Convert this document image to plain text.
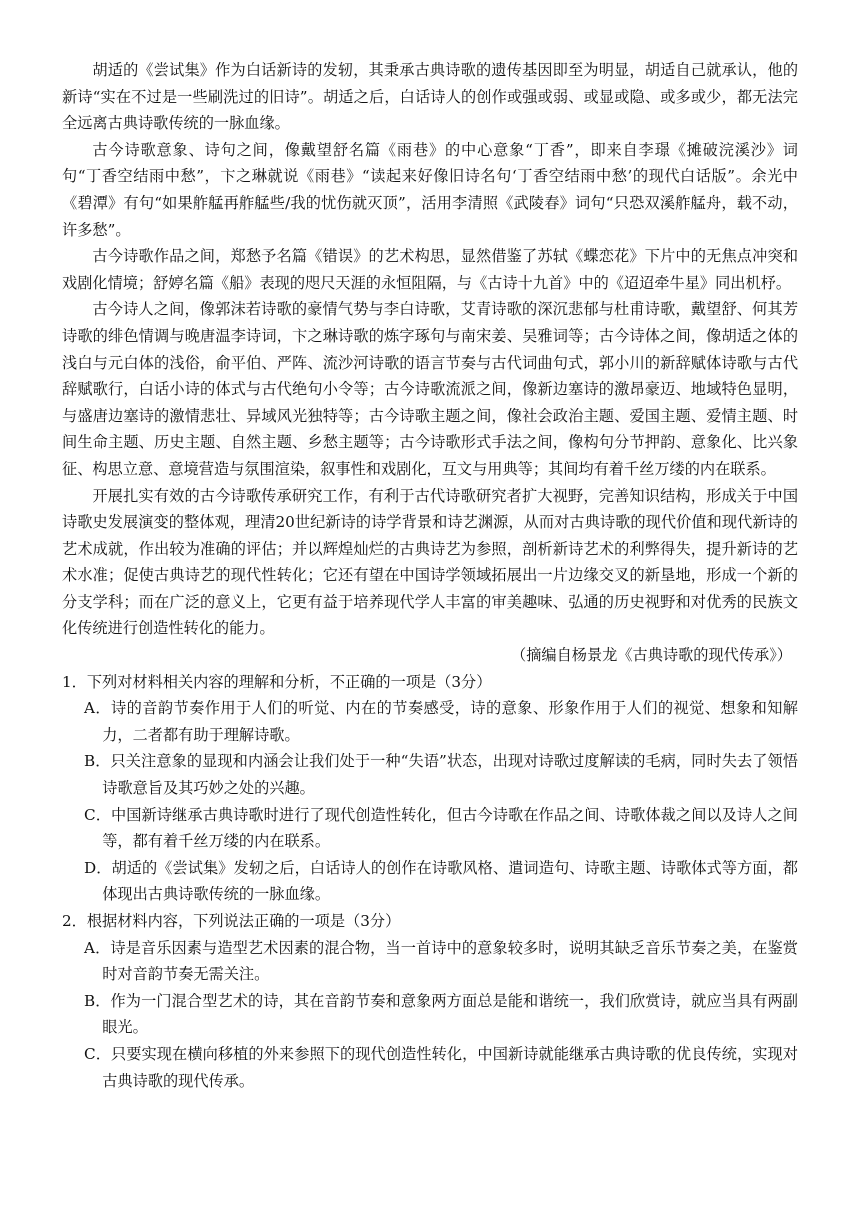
胡适的《尝试集》作为白话新诗的发轫，其秉承古典诗歌的遗传基因即至为明显，胡适自己就承认，他的新诗“实在不过是一些刷洗过的旧诗”。胡适之后，白话诗人的创作或强或弱、或显或隐、或多或少，都无法完全远离古典诗歌传统的一脉血缘。

古今诗歌意象、诗句之间，像戴望舒名篇《雨巷》的中心意象“丁香”，即来自李璟《摊破浣溪沙》词句“丁香空结雨中愁”，卞之琳就说《雨巷》“读起来好像旧诗名句‘丁香空结雨中愁’的现代白话版”。余光中《碧潭》有句“如果舴艋再舴艋些/我的忧伤就灭顶”，活用李清照《武陵春》词句“只恐双溪舴艋舟，载不动，许多愁”。

古今诗歌作品之间，郑愁予名篇《错误》的艺术构思，显然借鉴了苏轼《蝶恋花》下片中的无焦点冲突和戏剧化情境；舒婷名篇《船》表现的咫尺天涯的永恒阻隔，与《古诗十九首》中的《迢迢牵牛星》同出机杼。

古今诗人之间，像郭沫若诗歌的豪情气势与李白诗歌，艾青诗歌的深沉悲郁与杜甫诗歌，戴望舒、何其芳诗歌的绯色情调与晚唐温李诗词，卞之琳诗歌的炼字琢句与南宋姜、吴雅词等；古今诗体之间，像胡适之体的浅白与元白体的浅俗，俞平伯、严阵、流沙河诗歌的语言节奏与古代词曲句式，郭小川的新辞赋体诗歌与古代辞赋歌行，白话小诗的体式与古代绝句小令等；古今诗歌流派之间，像新边塞诗的激昂豪迈、地域特色显明，与盛唐边塞诗的激情悲壮、异域风光独特等；古今诗歌主题之间，像社会政治主题、爱国主题、爱情主题、时间生命主题、历史主题、自然主题、乡愁主题等；古今诗歌形式手法之间，像构句分节押韵、意象化、比兴象征、构思立意、意境营造与氛围渲染，叙事性和戏剧化，互文与用典等；其间均有着千丝万缕的内在联系。

开展扎实有效的古今诗歌传承研究工作，有利于古代诗歌研究者扩大视野，完善知识结构，形成关于中国诗歌史发展演变的整体观，理清20世纪新诗的诗学背景和诗艺渊源，从而对古典诗歌的现代价值和现代新诗的艺术成就，作出较为准确的评估；并以辉煌灿烂的古典诗艺为参照，剖析新诗艺术的利弊得失，提升新诗的艺术水准；促使古典诗艺的现代性转化；它还有望在中国诗学领域拓展出一片边缘交叉的新垦地，形成一个新的分支学科；而在广泛的意义上，它更有益于培养现代学人丰富的审美趣味、弘通的历史视野和对优秀的民族文化传统进行创造性转化的能力。

（摘编自杨景龙《古典诗歌的现代传承》）

1．下列对材料相关内容的理解和分析，不正确的一项是（3分）

A．诗的音韵节奏作用于人们的听觉、内在的节奏感受，诗的意象、形象作用于人们的视觉、想象和知解力，二者都有助于理解诗歌。

B．只关注意象的显现和内涵会让我们处于一种“失语”状态，出现对诗歌过度解读的毛病，同时失去了领悟诗歌意旨及其巧妙之处的兴趣。

C．中国新诗继承古典诗歌时进行了现代创造性转化，但古今诗歌在作品之间、诗歌体裁之间以及诗人之间等，都有着千丝万缕的内在联系。

D．胡适的《尝试集》发轫之后，白话诗人的创作在诗歌风格、遣词造句、诗歌主题、诗歌体式等方面，都体现出古典诗歌传统的一脉血缘。

2．根据材料内容，下列说法正确的一项是（3分）

A．诗是音乐因素与造型艺术因素的混合物，当一首诗中的意象较多时，说明其缺乏音乐节奏之美，在鉴赏时对音韵节奏无需关注。

B．作为一门混合型艺术的诗，其在音韵节奏和意象两方面总是能和谐统一，我们欣赏诗，就应当具有两副眼光。

C．只要实现在横向移植的外来参照下的现代创造性转化，中国新诗就能继承古典诗歌的优良传统，实现对古典诗歌的现代传承。
